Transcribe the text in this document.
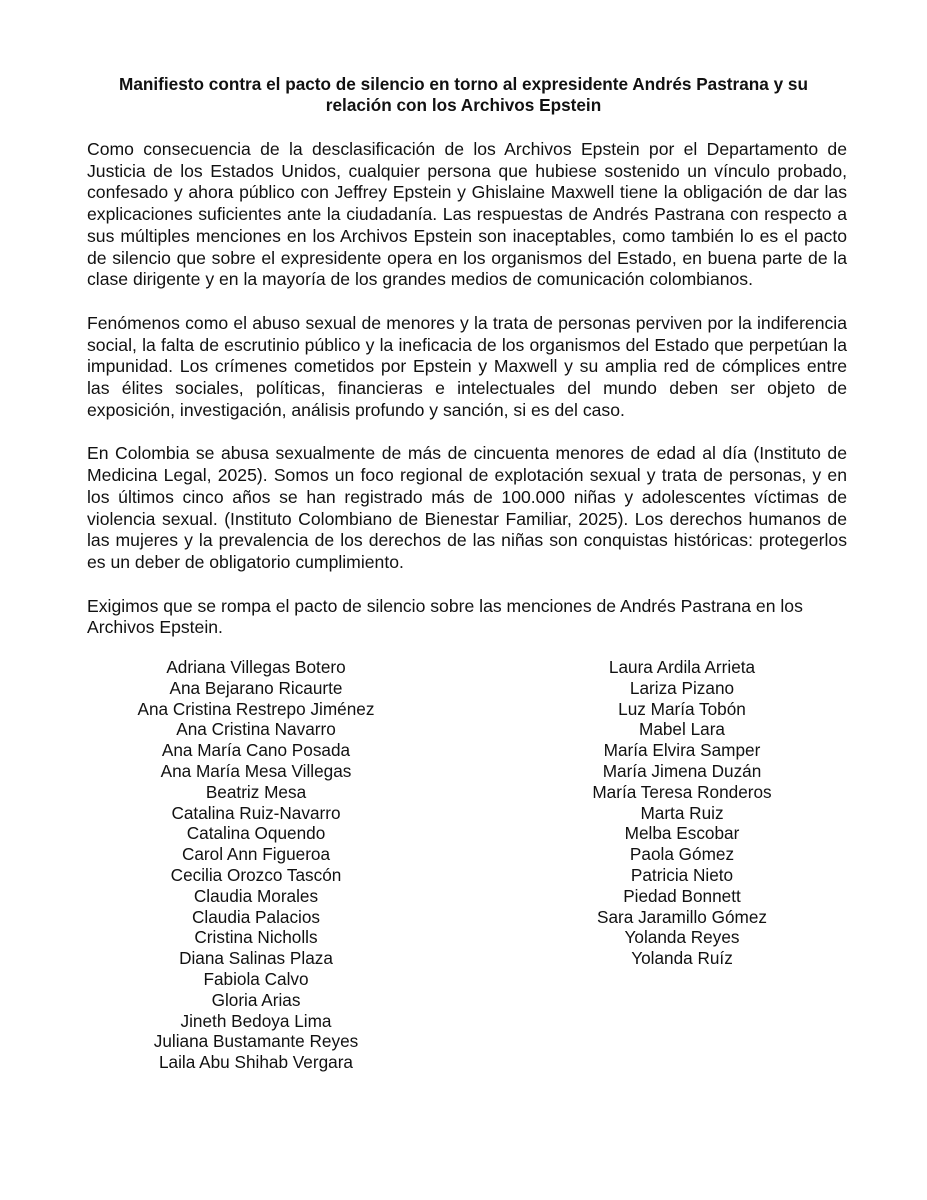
Manifiesto contra el pacto de silencio en torno al expresidente Andrés Pastrana y su relación con los Archivos Epstein

Como consecuencia de la desclasificación de los Archivos Epstein por el Departamento de Justicia de los Estados Unidos, cualquier persona que hubiese sostenido un vínculo probado, confesado y ahora público con Jeffrey Epstein y Ghislaine Maxwell tiene la obligación de dar las explicaciones suficientes ante la ciudadanía. Las respuestas de Andrés Pastrana con respecto a sus múltiples menciones en los Archivos Epstein son inaceptables, como también lo es el pacto de silencio que sobre el expresidente opera en los organismos del Estado, en buena parte de la clase dirigente y en la mayoría de los grandes medios de comunicación colombianos.

Fenómenos como el abuso sexual de menores y la trata de personas perviven por la indiferencia social, la falta de escrutinio público y la ineficacia de los organismos del Estado que perpetúan la impunidad. Los crímenes cometidos por Epstein y Maxwell y su amplia red de cómplices entre las élites sociales, políticas, financieras e intelectuales del mundo deben ser objeto de exposición, investigación, análisis profundo y sanción, si es del caso.

En Colombia se abusa sexualmente de más de cincuenta menores de edad al día (Instituto de Medicina Legal, 2025). Somos un foco regional de explotación sexual y trata de personas, y en los últimos cinco años se han registrado más de 100.000 niñas y adolescentes víctimas de violencia sexual. (Instituto Colombiano de Bienestar Familiar, 2025). Los derechos humanos de las mujeres y la prevalencia de los derechos de las niñas son conquistas históricas: protegerlos es un deber de obligatorio cumplimiento.

Exigimos que se rompa el pacto de silencio sobre las menciones de Andrés Pastrana en los Archivos Epstein.

Adriana Villegas Botero
Ana Bejarano Ricaurte
Ana Cristina Restrepo Jiménez
Ana Cristina Navarro
Ana María Cano Posada
Ana María Mesa Villegas
Beatriz Mesa
Catalina Ruiz-Navarro
Catalina Oquendo
Carol Ann Figueroa
Cecilia Orozco Tascón
Claudia Morales
Claudia Palacios
Cristina Nicholls
Diana Salinas Plaza
Fabiola Calvo
Gloria Arias
Jineth Bedoya Lima
Juliana Bustamante Reyes
Laila Abu Shihab Vergara
Laura Ardila Arrieta
Lariza Pizano
Luz María Tobón
Mabel Lara
María Elvira Samper
María Jimena Duzán
María Teresa Ronderos
Marta Ruiz
Melba Escobar
Paola Gómez
Patricia Nieto
Piedad Bonnett
Sara Jaramillo Gómez
Yolanda Reyes
Yolanda Ruíz
